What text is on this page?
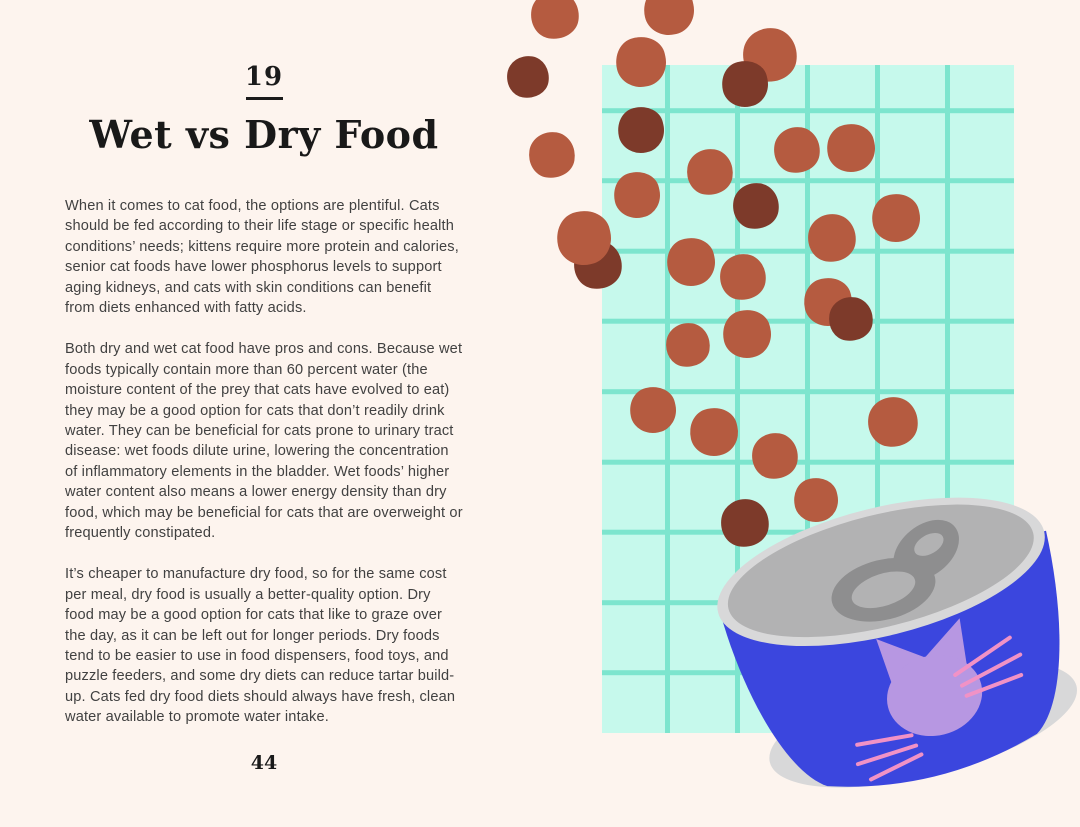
19
Wet vs Dry Food

When it comes to cat food, the options are plentiful. Cats should be fed according to their life stage or specific health conditions’ needs; kittens require more protein and calories, senior cat foods have lower phosphorus levels to support aging kidneys, and cats with skin conditions can benefit from diets enhanced with fatty acids.

Both dry and wet cat food have pros and cons. Because wet foods typically contain more than 60 percent water (the moisture content of the prey that cats have evolved to eat) they may be a good option for cats that don’t readily drink water. They can be beneficial for cats prone to urinary tract disease: wet foods dilute urine, lowering the concentration of inflammatory elements in the bladder. Wet foods’ higher water content also means a lower energy density than dry food, which may be beneficial for cats that are overweight or frequently constipated.

It’s cheaper to manufacture dry food, so for the same cost per meal, dry food is usually a better-quality option. Dry food may be a good option for cats that like to graze over the day, as it can be left out for longer periods. Dry foods tend to be easier to use in food dispensers, food toys, and puzzle feeders, and some dry diets can reduce tartar build-up. Cats fed dry food diets should always have fresh, clean water available to promote water intake.

44
